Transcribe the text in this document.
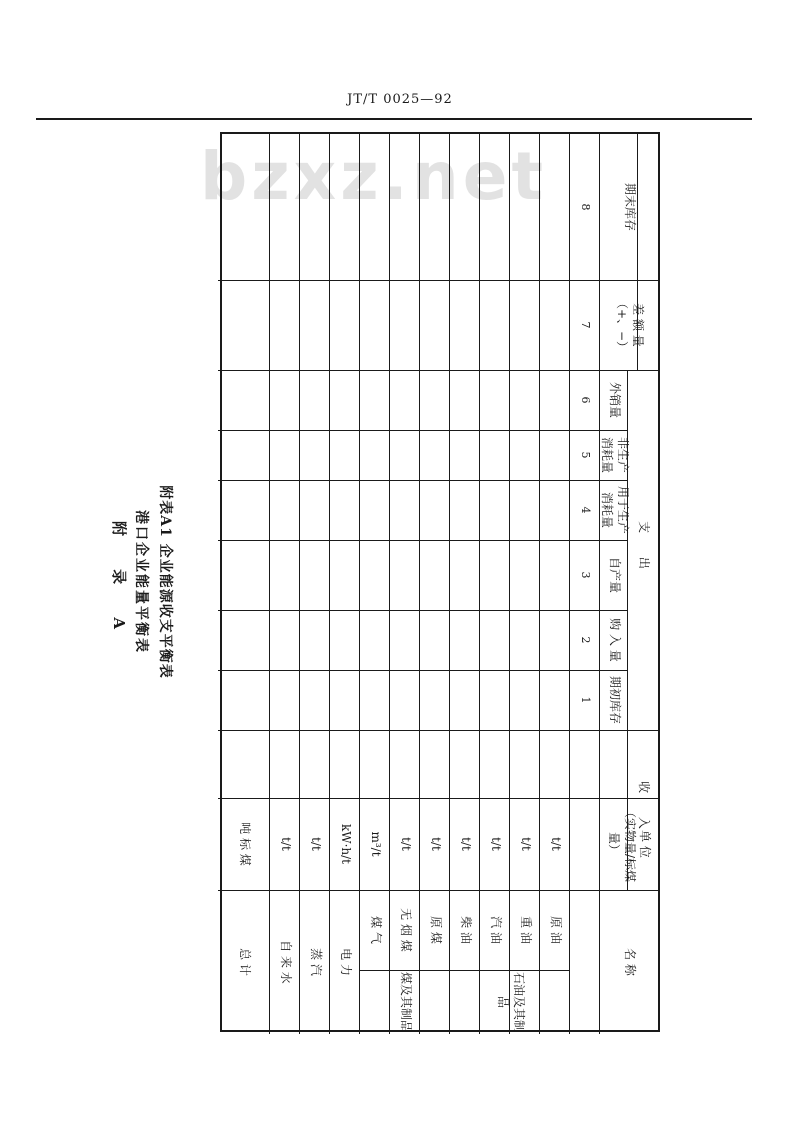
JT/T 0025—92
bzxz.net
附 录 A 港口企业能量平衡表 附表A1 企业能源收支平衡表
名 称
单 位
（实物量/标煤量）
收 入
支 出
差 额 量
（+、−）
期末库存
期初库存
购 入 量
自产量
用于生产消耗量
非生产消耗量
外销量
1
2
3
4
5
6
7
8
石油及其制品
煤及其制品
原 油
重 油
汽 油
柴 油
原 煤
无 烟 煤
煤 气
电 力
蒸 汽
自 来 水
总 计
t/t
t/t
t/t
t/t
t/t
t/t
m³/t
kW·h/t
t/t
t/t
吨 标 煤
